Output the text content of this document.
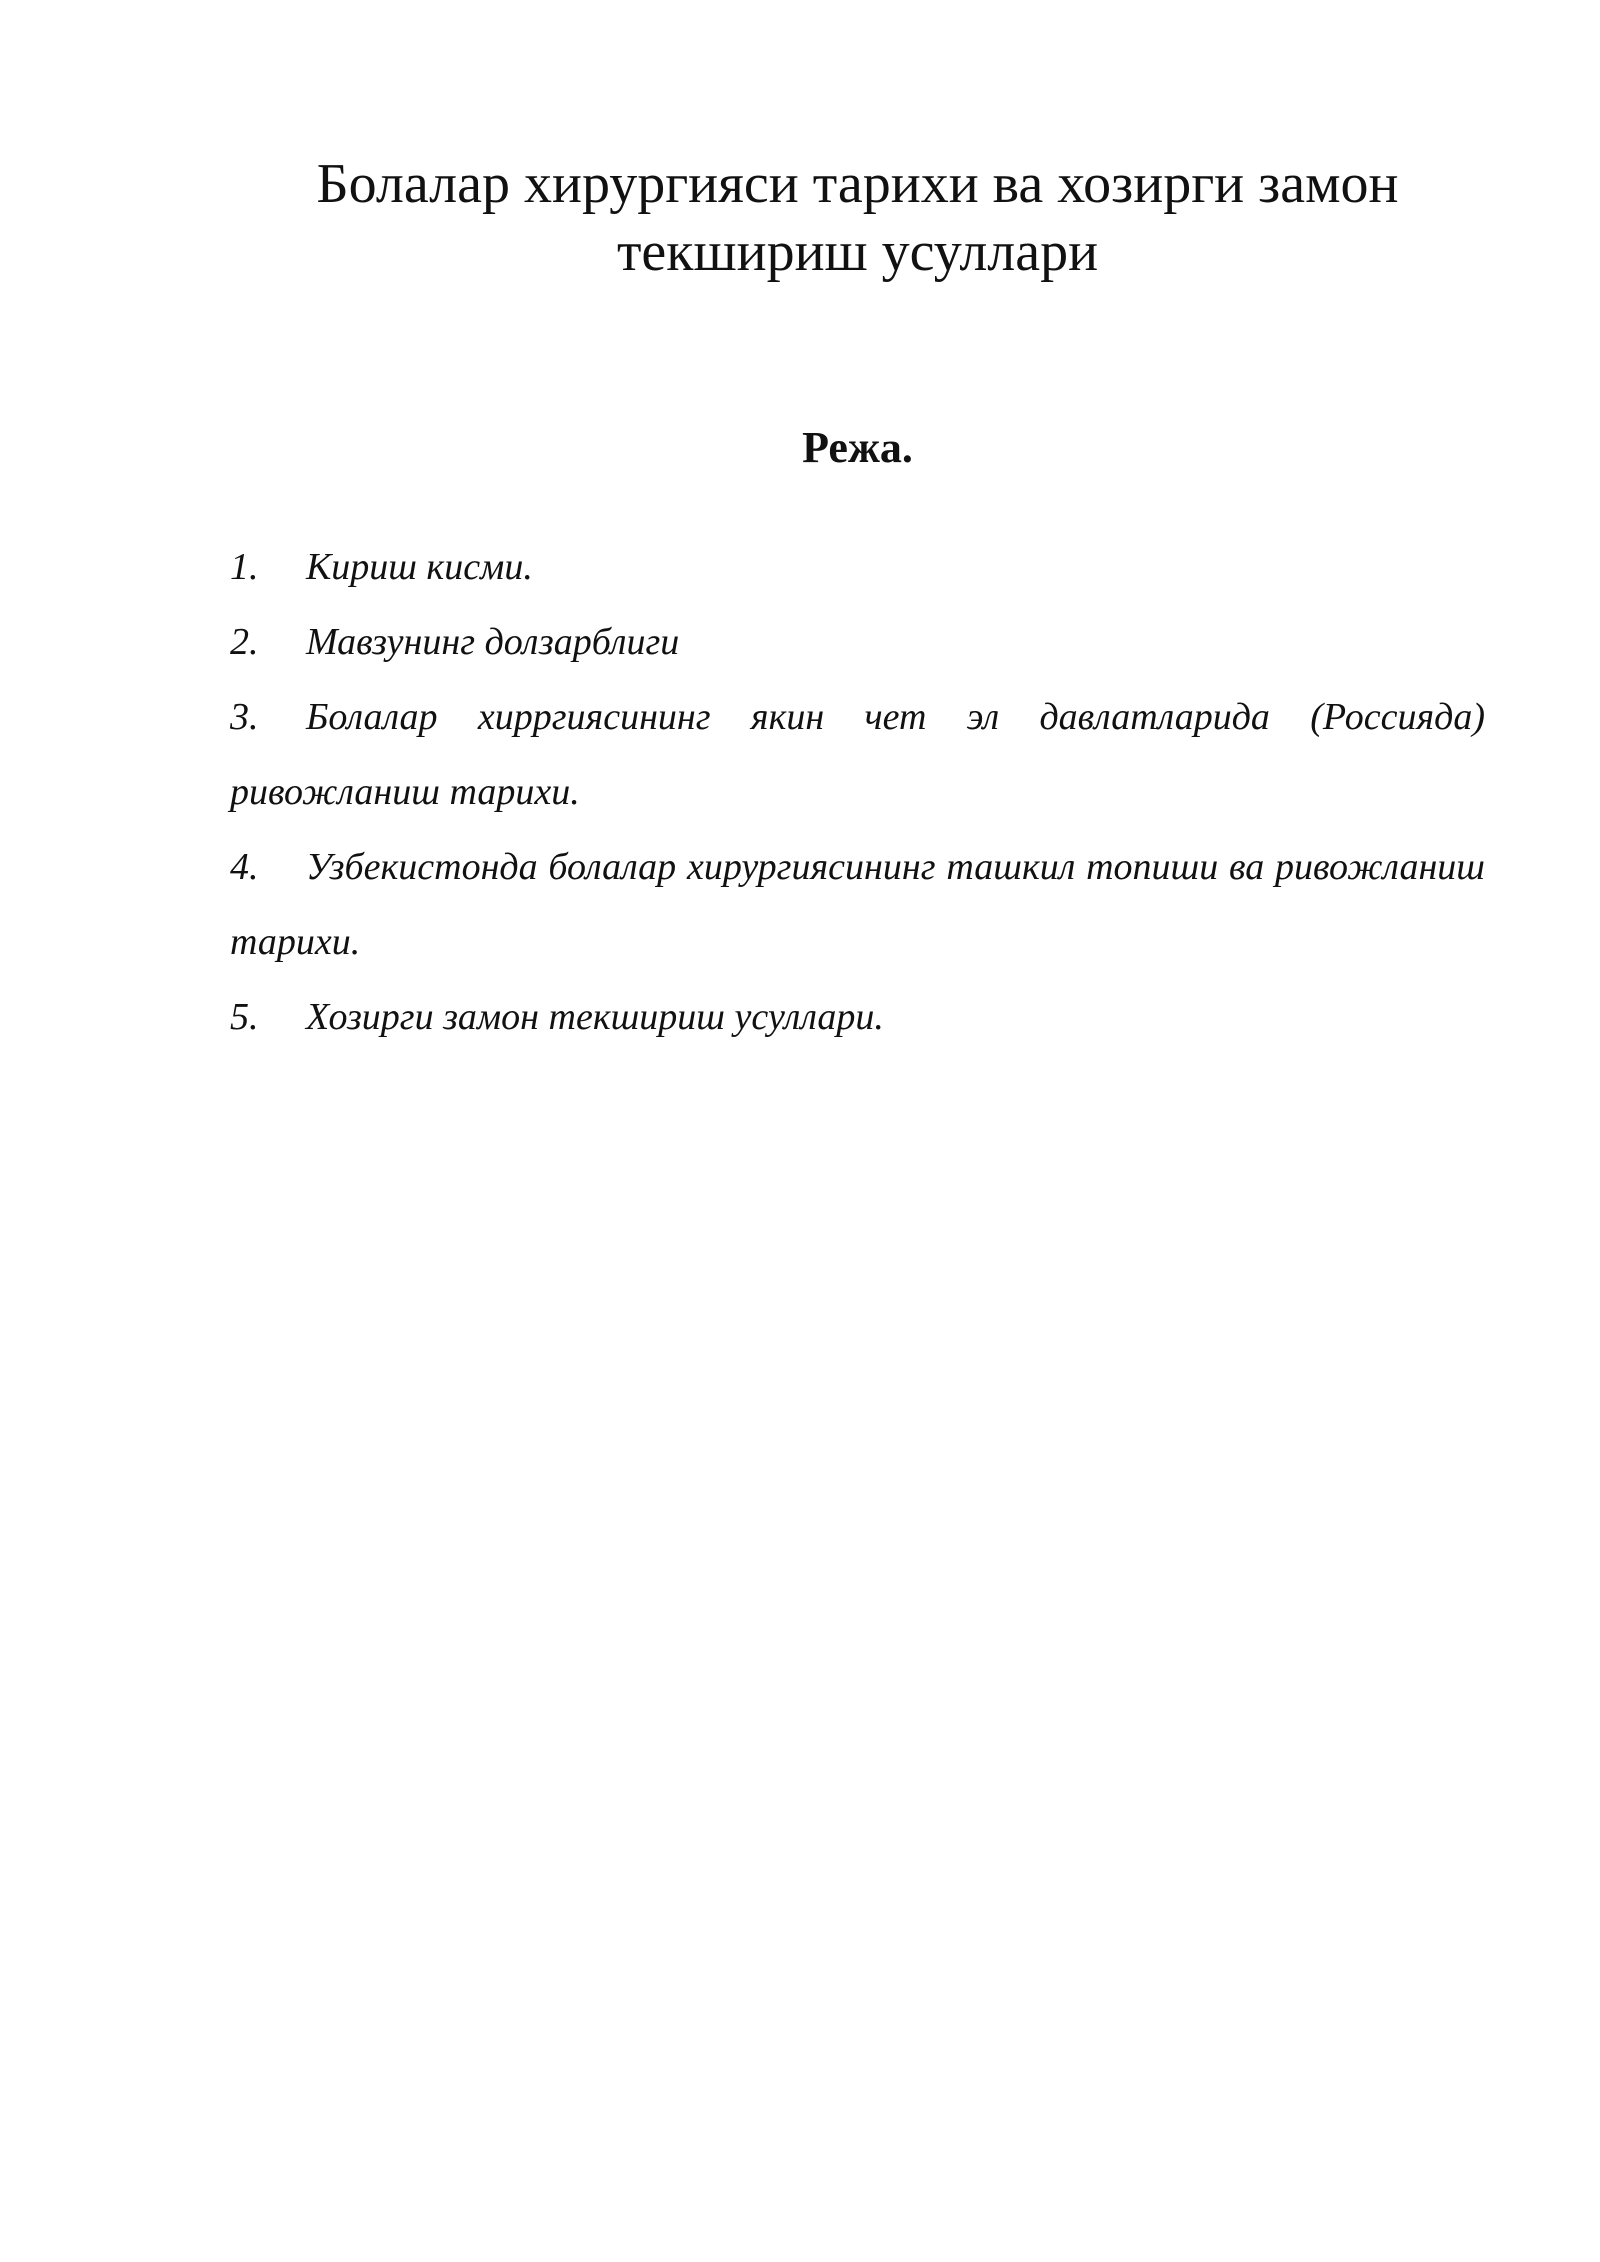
Болалар хирургияси тарихи ва хозирги замон
текшириш усуллари
Режа.
1. Кириш кисми.
2. Мавзунинг долзарблиги
3. Болалар хирргиясининг якин чет эл давлатларида (Россияда) ривожланиш тарихи.
4. Узбекистонда болалар хирургиясининг ташкил топиши ва ривожланиш тарихи.
5. Хозирги замон текшириш усуллари.
